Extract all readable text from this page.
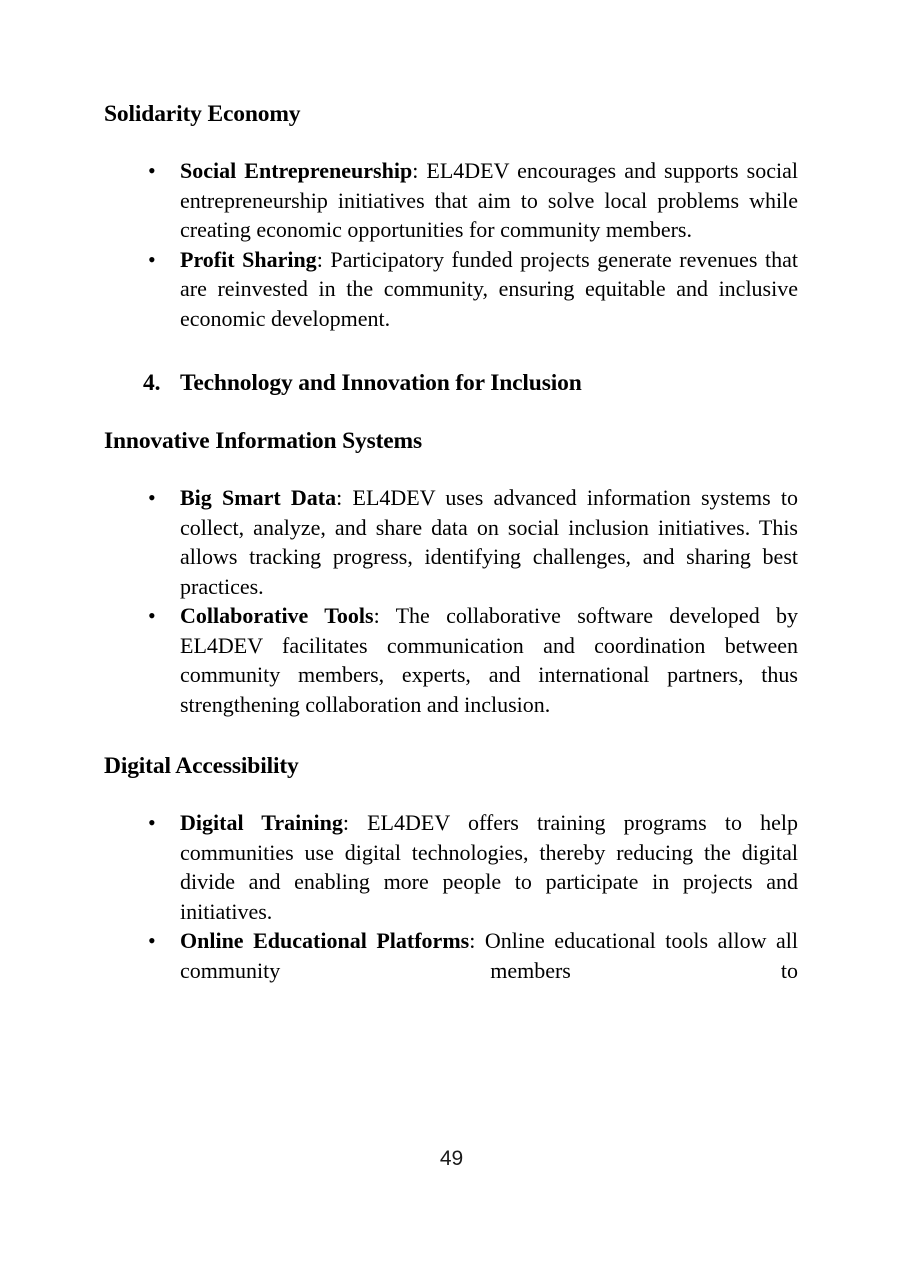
Solidarity Economy
• Social Entrepreneurship: EL4DEV encourages and supports social entrepreneurship initiatives that aim to solve local problems while creating economic opportunities for community members.
• Profit Sharing: Participatory funded projects generate revenues that are reinvested in the community, ensuring equitable and inclusive economic development.
4. Technology and Innovation for Inclusion
Innovative Information Systems
• Big Smart Data: EL4DEV uses advanced information systems to collect, analyze, and share data on social inclusion initiatives. This allows tracking progress, identifying challenges, and sharing best practices.
• Collaborative Tools: The collaborative software developed by EL4DEV facilitates communication and coordination between community members, experts, and international partners, thus strengthening collaboration and inclusion.
Digital Accessibility
• Digital Training: EL4DEV offers training programs to help communities use digital technologies, thereby reducing the digital divide and enabling more people to participate in projects and initiatives.
• Online Educational Platforms: Online educational tools allow all community members to
49
